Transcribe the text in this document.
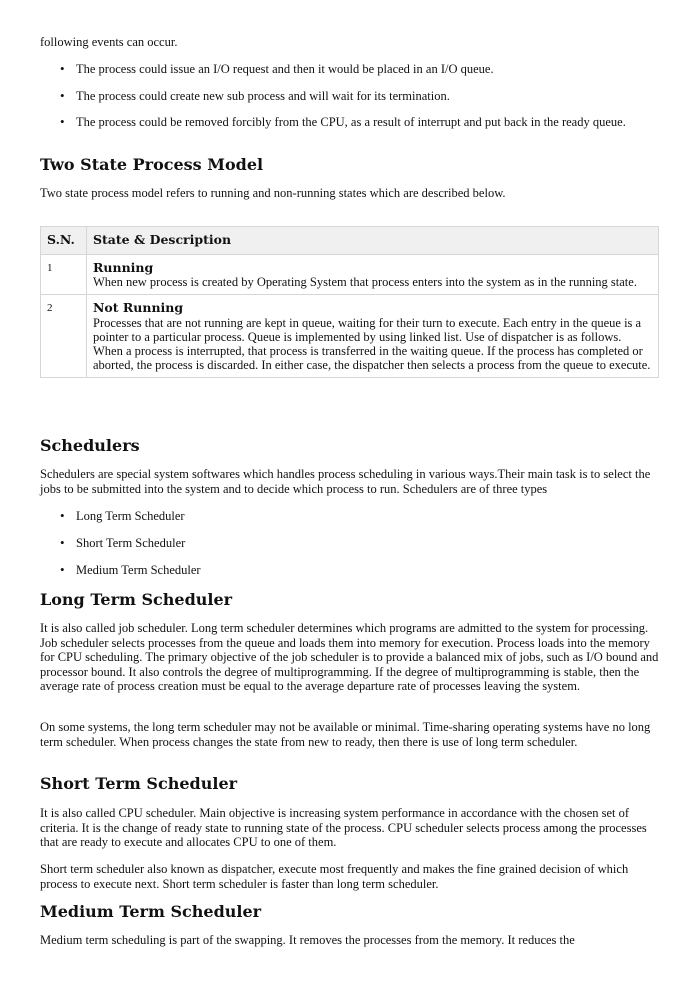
following events can occur.

• The process could issue an I/O request and then it would be placed in an I/O queue.
• The process could create new sub process and will wait for its termination.
• The process could be removed forcibly from the CPU, as a result of interrupt and put back in the ready queue.
Two State Process Model

Two state process model refers to running and non-running states which are described below.

S.N.	State & Description
1	Running
When new process is created by Operating System that process enters into the system as in the running state.
2	Not Running
Processes that are not running are kept in queue, waiting for their turn to execute. Each entry in the queue is a pointer to a particular process. Queue is implemented by using linked list. Use of dispatcher is as follows. When a process is interrupted, that process is transferred in the waiting queue. If the process has completed or aborted, the process is discarded. In either case, the dispatcher then selects a process from the queue to execute.
Schedulers

Schedulers are special system softwares which handles process scheduling in various ways.Their main task is to select the jobs to be submitted into the system and to decide which process to run. Schedulers are of three types

• Long Term Scheduler
• Short Term Scheduler
• Medium Term Scheduler
Long Term Scheduler

It is also called job scheduler. Long term scheduler determines which programs are admitted to the system for processing. Job scheduler selects processes from the queue and loads them into memory for execution. Process loads into the memory for CPU scheduling. The primary objective of the job scheduler is to provide a balanced mix of jobs, such as I/O bound and processor bound. It also controls the degree of multiprogramming. If the degree of multiprogramming is stable, then the average rate of process creation must be equal to the average departure rate of processes leaving the system.

On some systems, the long term scheduler may not be available or minimal. Time-sharing operating systems have no long term scheduler. When process changes the state from new to ready, then there is use of long term scheduler.

Short Term Scheduler

It is also called CPU scheduler. Main objective is increasing system performance in accordance with the chosen set of criteria. It is the change of ready state to running state of the process. CPU scheduler selects process among the processes that are ready to execute and allocates CPU to one of them.

Short term scheduler also known as dispatcher, execute most frequently and makes the fine grained decision of which process to execute next. Short term scheduler is faster than long term scheduler.

Medium Term Scheduler

Medium term scheduling is part of the swapping. It removes the processes from the memory. It reduces the
